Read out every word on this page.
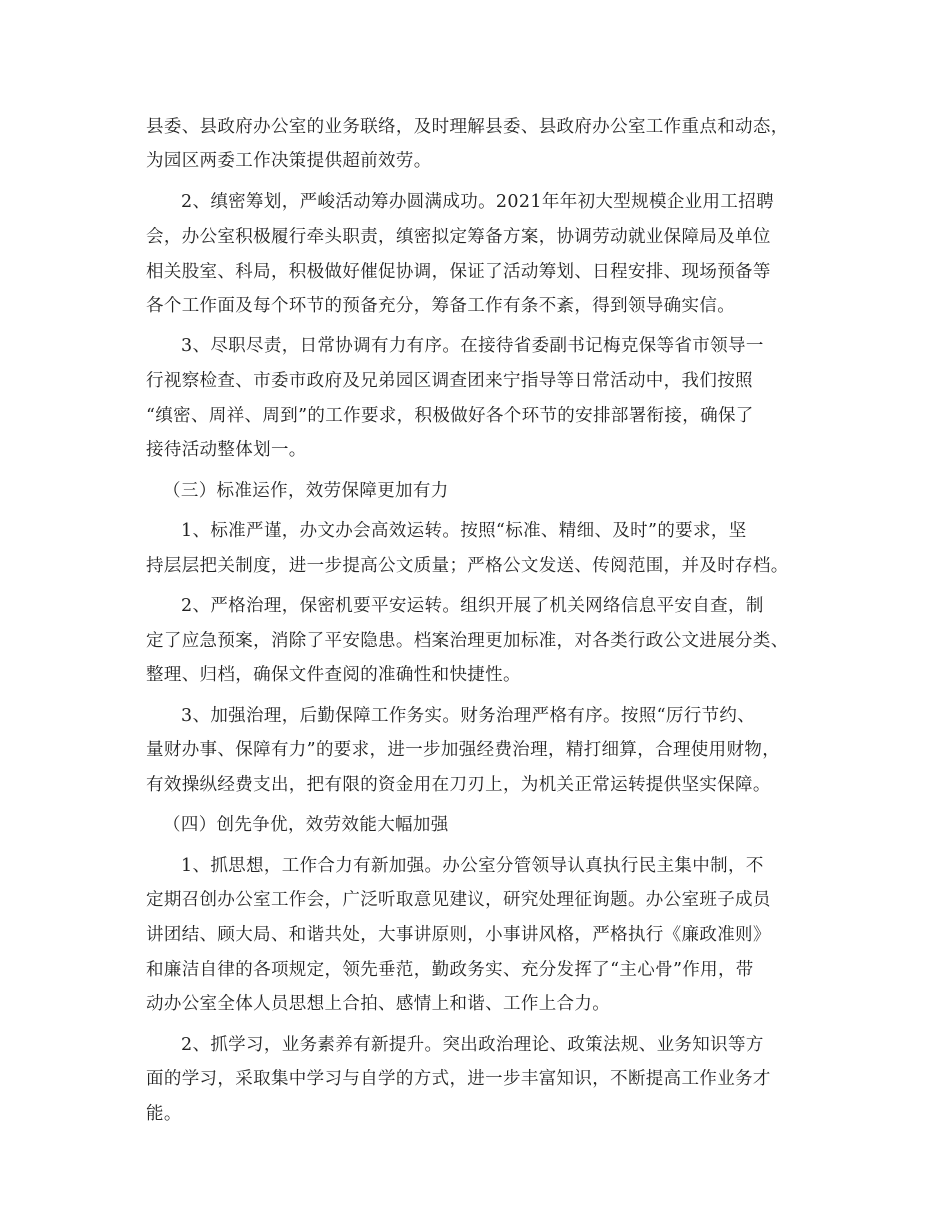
县委、县政府办公室的业务联络，及时理解县委、县政府办公室工作重点和动态，
为园区两委工作决策提供超前效劳。
2、缜密筹划，严峻活动筹办圆满成功。2021年年初大型规模企业用工招聘
会，办公室积极履行牵头职责，缜密拟定筹备方案，协调劳动就业保障局及单位
相关股室、科局，积极做好催促协调，保证了活动筹划、日程安排、现场预备等
各个工作面及每个环节的预备充分，筹备工作有条不紊，得到领导确实信。
3、尽职尽责，日常协调有力有序。在接待省委副书记梅克保等省市领导一
行视察检查、市委市政府及兄弟园区调查团来宁指导等日常活动中，我们按照
“缜密、周祥、周到”的工作要求，积极做好各个环节的安排部署衔接，确保了
接待活动整体划一。
（三）标准运作，效劳保障更加有力
1、标准严谨，办文办会高效运转。按照“标准、精细、及时”的要求，坚
持层层把关制度，进一步提高公文质量；严格公文发送、传阅范围，并及时存档。
2、严格治理，保密机要平安运转。组织开展了机关网络信息平安自查，制
定了应急预案，消除了平安隐患。档案治理更加标准，对各类行政公文进展分类、
整理、归档，确保文件查阅的准确性和快捷性。
3、加强治理，后勤保障工作务实。财务治理严格有序。按照“厉行节约、
量财办事、保障有力”的要求，进一步加强经费治理，精打细算，合理使用财物，
有效操纵经费支出，把有限的资金用在刀刃上，为机关正常运转提供坚实保障。
（四）创先争优，效劳效能大幅加强
1、抓思想，工作合力有新加强。办公室分管领导认真执行民主集中制，不
定期召创办公室工作会，广泛听取意见建议，研究处理征询题。办公室班子成员
讲团结、顾大局、和谐共处，大事讲原则，小事讲风格，严格执行《廉政准则》
和廉洁自律的各项规定，领先垂范，勤政务实、充分发挥了“主心骨”作用，带
动办公室全体人员思想上合拍、感情上和谐、工作上合力。
2、抓学习，业务素养有新提升。突出政治理论、政策法规、业务知识等方
面的学习，采取集中学习与自学的方式，进一步丰富知识，不断提高工作业务才
能。
